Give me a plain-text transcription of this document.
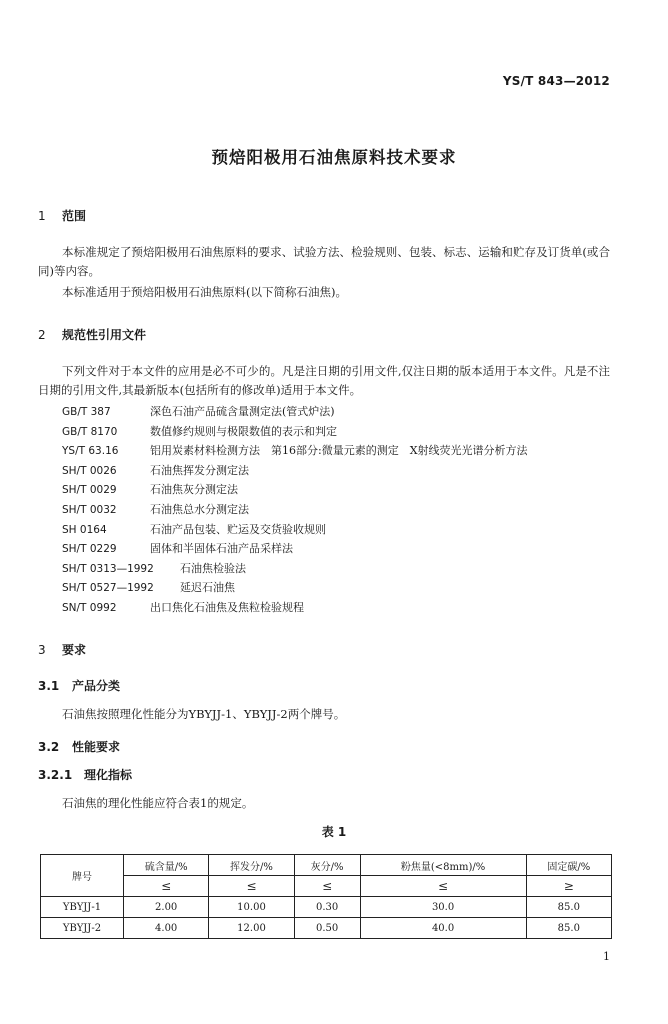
YS/T 843—2012
预焙阳极用石油焦原料技术要求
1 范围
本标准规定了预焙阳极用石油焦原料的要求、试验方法、检验规则、包装、标志、运输和贮存及订货单(或合同)等内容。
本标准适用于预焙阳极用石油焦原料(以下简称石油焦)。
2 规范性引用文件
下列文件对于本文件的应用是必不可少的。凡是注日期的引用文件,仅注日期的版本适用于本文件。凡是不注日期的引用文件,其最新版本(包括所有的修改单)适用于本文件。
GB/T 387	深色石油产品硫含量测定法(管式炉法)
GB/T 8170	数值修约规则与极限数值的表示和判定
YS/T 63.16	铝用炭素材料检测方法　第16部分:微量元素的测定　X射线荧光光谱分析方法
SH/T 0026	石油焦挥发分测定法
SH/T 0029	石油焦灰分测定法
SH/T 0032	石油焦总水分测定法
SH 0164	石油产品包装、贮运及交货验收规则
SH/T 0229	固体和半固体石油产品采样法
SH/T 0313—1992 石油焦检验法
SH/T 0527—1992 延迟石油焦
SN/T 0992	出口焦化石油焦及焦粒检验规程
3 要求
3.1 产品分类
石油焦按照理化性能分为YBYJJ-1、YBYJJ-2两个牌号。
3.2 性能要求
3.2.1 理化指标
石油焦的理化性能应符合表1的规定。
表 1
牌号	硫含量/%	挥发分/%	灰分/%	粉焦量(<8mm)/%	固定碳/%
	≤	≤	≤	≤	≥
YBYJJ-1	2.00	10.00	0.30	30.0	85.0
YBYJJ-2	4.00	12.00	0.50	40.0	85.0
1
